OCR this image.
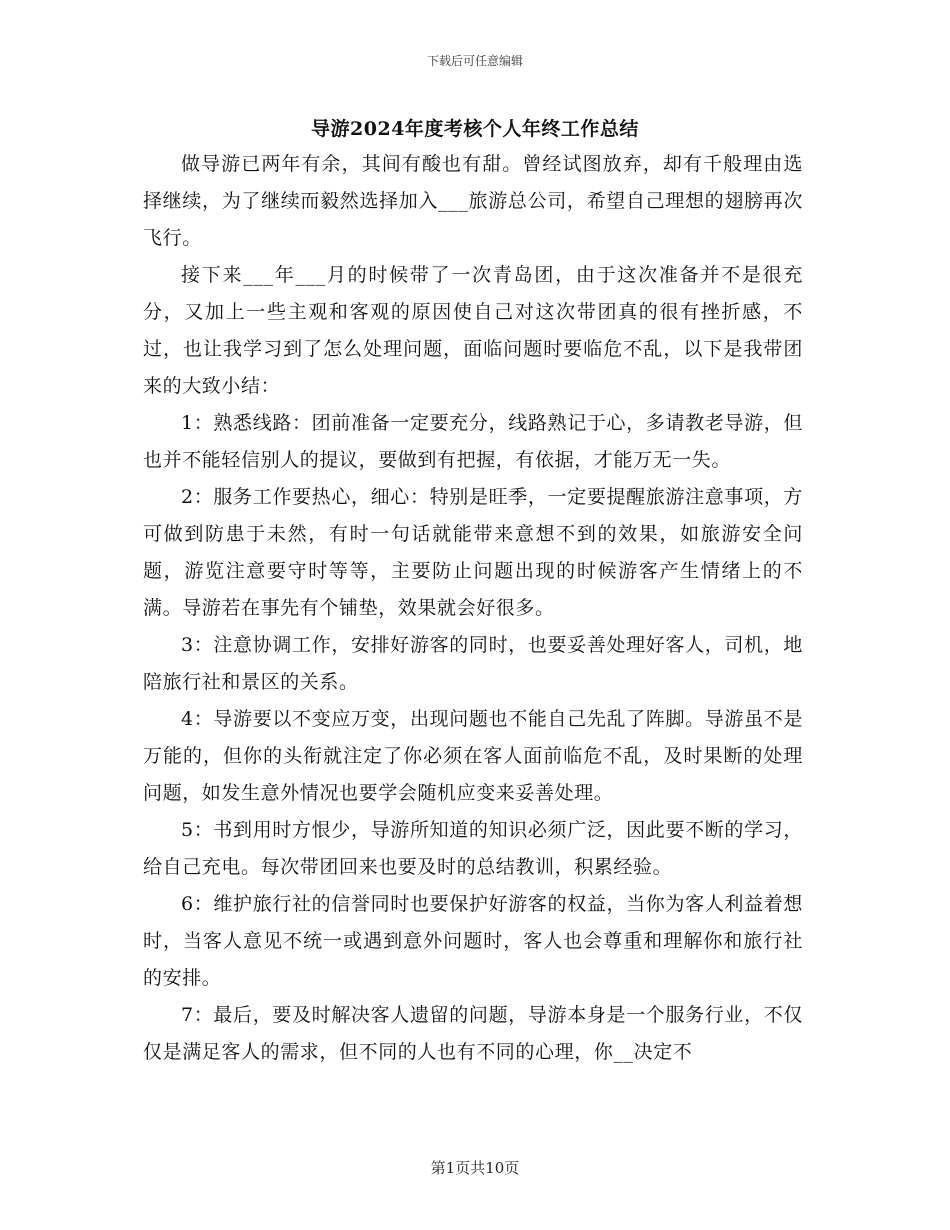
下载后可任意编辑
导游2024年度考核个人年终工作总结

做导游已两年有余，其间有酸也有甜。曾经试图放弃，却有千般理由选择继续，为了继续而毅然选择加入___旅游总公司，希望自己理想的翅膀再次飞行。

接下来___年___月的时候带了一次青岛团，由于这次准备并不是很充分，又加上一些主观和客观的原因使自己对这次带团真的很有挫折感，不过，也让我学习到了怎么处理问题，面临问题时要临危不乱，以下是我带团来的大致小结：

1：熟悉线路：团前准备一定要充分，线路熟记于心，多请教老导游，但也并不能轻信别人的提议，要做到有把握，有依据，才能万无一失。

2：服务工作要热心，细心：特别是旺季，一定要提醒旅游注意事项，方可做到防患于未然，有时一句话就能带来意想不到的效果，如旅游安全问题，游览注意要守时等等，主要防止问题出现的时候游客产生情绪上的不满。导游若在事先有个铺垫，效果就会好很多。

3：注意协调工作，安排好游客的同时，也要妥善处理好客人，司机，地陪旅行社和景区的关系。

4：导游要以不变应万变，出现问题也不能自己先乱了阵脚。导游虽不是万能的，但你的头衔就注定了你必须在客人面前临危不乱，及时果断的处理问题，如发生意外情况也要学会随机应变来妥善处理。

5：书到用时方恨少，导游所知道的知识必须广泛，因此要不断的学习，给自己充电。每次带团回来也要及时的总结教训，积累经验。

6：维护旅行社的信誉同时也要保护好游客的权益，当你为客人利益着想时，当客人意见不统一或遇到意外问题时，客人也会尊重和理解你和旅行社的安排。

7：最后，要及时解决客人遗留的问题，导游本身是一个服务行业，不仅仅是满足客人的需求，但不同的人也有不同的心理，你__决定不

第1页共10页
